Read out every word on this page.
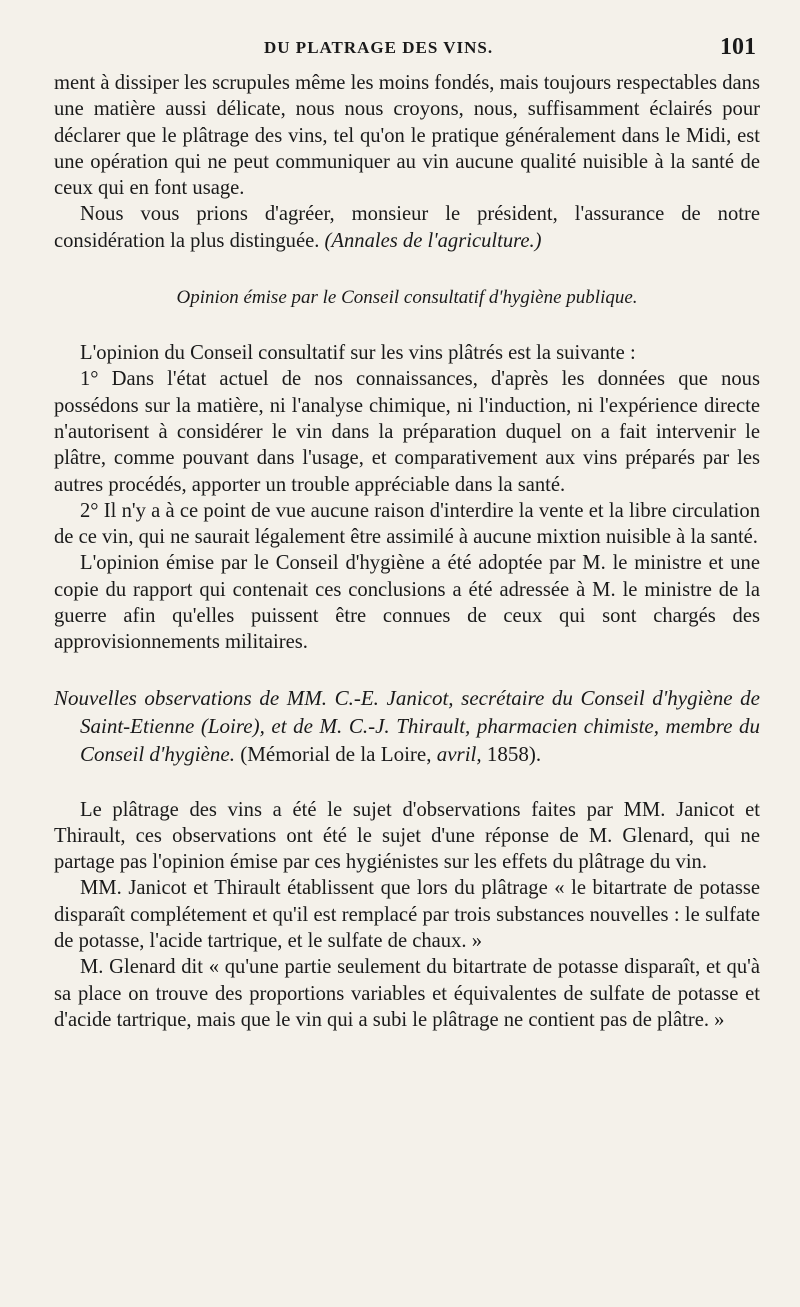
DU PLATRAGE DES VINS.	101

ment à dissiper les scrupules même les moins fondés, mais toujours respectables dans une matière aussi délicate, nous nous croyons, nous, suffisamment éclairés pour déclarer que le plâtrage des vins, tel qu'on le pratique généralement dans le Midi, est une opération qui ne peut communiquer au vin aucune qualité nuisible à la santé de ceux qui en font usage.

Nous vous prions d'agréer, monsieur le président, l'assurance de notre considération la plus distinguée. (Annales de l'agriculture.)

Opinion émise par le Conseil consultatif d'hygiène publique.

L'opinion du Conseil consultatif sur les vins plâtrés est la suivante :

1° Dans l'état actuel de nos connaissances, d'après les données que nous possédons sur la matière, ni l'analyse chimique, ni l'induction, ni l'expérience directe n'autorisent à considérer le vin dans la préparation duquel on a fait intervenir le plâtre, comme pouvant dans l'usage, et comparativement aux vins préparés par les autres procédés, apporter un trouble appréciable dans la santé.

2° Il n'y a à ce point de vue aucune raison d'interdire la vente et la libre circulation de ce vin, qui ne saurait légalement être assimilé à aucune mixtion nuisible à la santé.

L'opinion émise par le Conseil d'hygiène a été adoptée par M. le ministre et une copie du rapport qui contenait ces conclusions a été adressée à M. le ministre de la guerre afin qu'elles puissent être connues de ceux qui sont chargés des approvisionnements militaires.

Nouvelles observations de MM. C.-E. Janicot, secrétaire du Conseil d'hygiène de Saint-Etienne (Loire), et de M. C.-J. Thirault, pharmacien chimiste, membre du Conseil d'hygiène. (Mémorial de la Loire, avril, 1858).

Le plâtrage des vins a été le sujet d'observations faites par MM. Janicot et Thirault, ces observations ont été le sujet d'une réponse de M. Glenard, qui ne partage pas l'opinion émise par ces hygiénistes sur les effets du plâtrage du vin.

MM. Janicot et Thirault établissent que lors du plâtrage « le bitartrate de potasse disparaît complétement et qu'il est remplacé par trois substances nouvelles : le sulfate de potasse, l'acide tartrique, et le sulfate de chaux. »

M. Glenard dit « qu'une partie seulement du bitartrate de potasse disparaît, et qu'à sa place on trouve des proportions variables et équivalentes de sulfate de potasse et d'acide tartrique, mais que le vin qui a subi le plâtrage ne contient pas de plâtre. »
